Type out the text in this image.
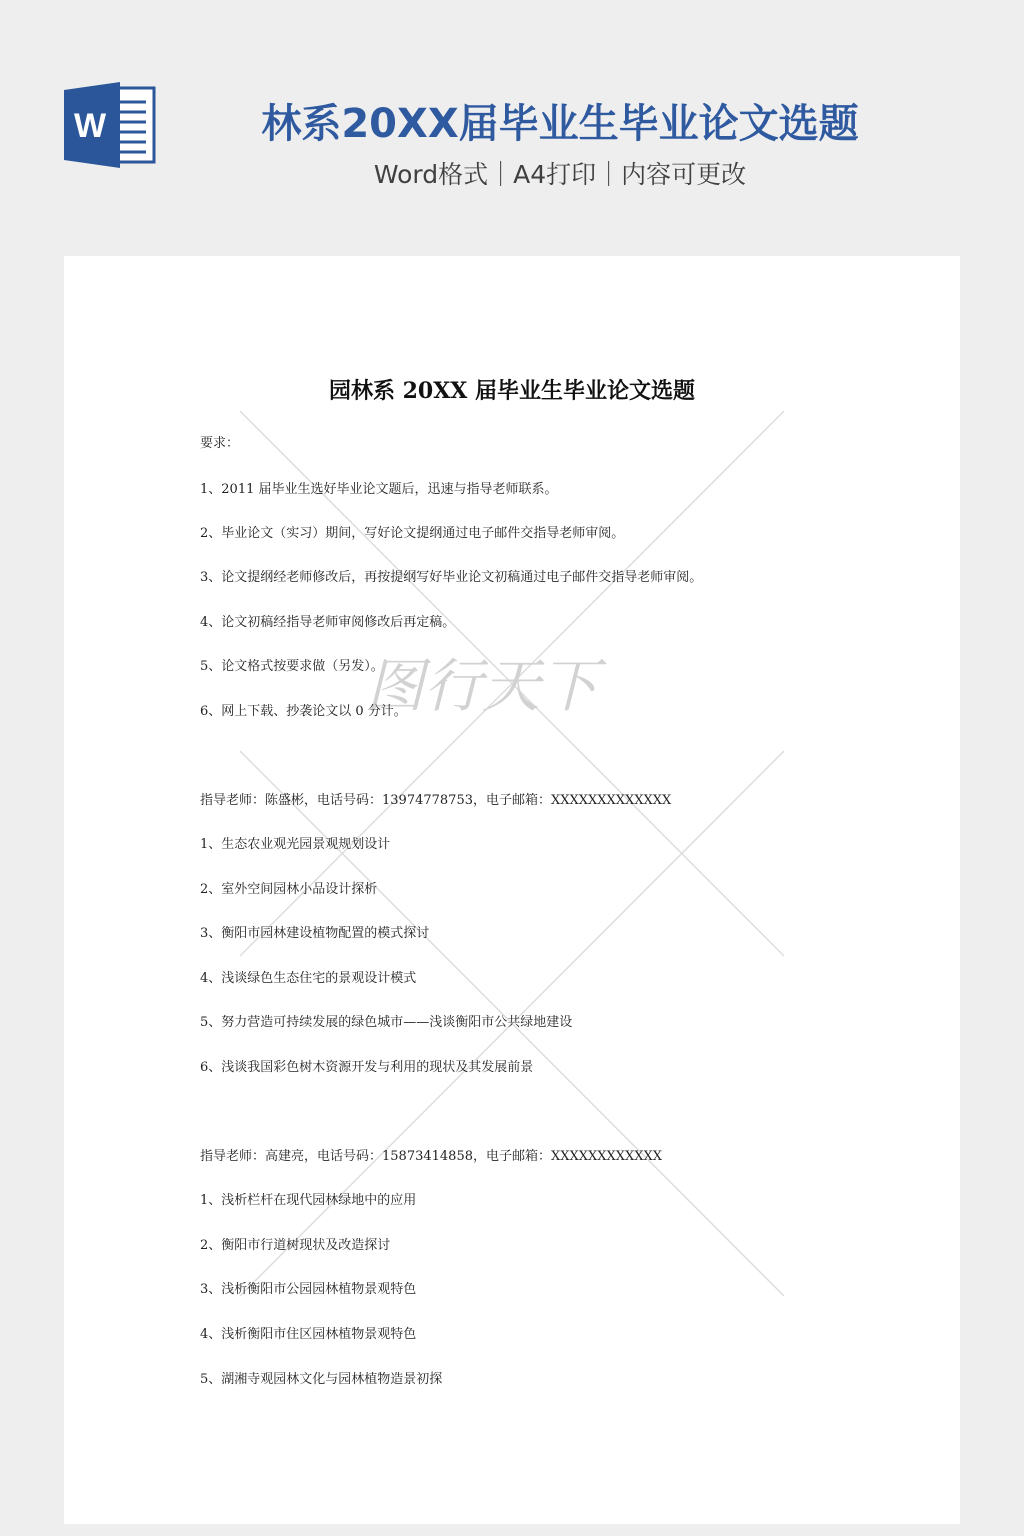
W	林系20XX届毕业生毕业论文选题
Word格式｜A4打印｜内容可更改
图行天下
园林系 20XX 届毕业生毕业论文选题
要求：
1、2011 届毕业生选好毕业论文题后，迅速与指导老师联系。
2、毕业论文（实习）期间，写好论文提纲通过电子邮件交指导老师审阅。
3、论文提纲经老师修改后，再按提纲写好毕业论文初稿通过电子邮件交指导老师审阅。
4、论文初稿经指导老师审阅修改后再定稿。
5、论文格式按要求做（另发）。
6、网上下载、抄袭论文以 0 分计。
指导老师：陈盛彬，电话号码：13974778753，电子邮箱：XXXXXXXXXXXXX
1、生态农业观光园景观规划设计
2、室外空间园林小品设计探析
3、衡阳市园林建设植物配置的模式探讨
4、浅谈绿色生态住宅的景观设计模式
5、努力营造可持续发展的绿色城市——浅谈衡阳市公共绿地建设
6、浅谈我国彩色树木资源开发与利用的现状及其发展前景
指导老师：高建亮，电话号码：15873414858，电子邮箱：XXXXXXXXXXXX
1、浅析栏杆在现代园林绿地中的应用
2、衡阳市行道树现状及改造探讨
3、浅析衡阳市公园园林植物景观特色
4、浅析衡阳市住区园林植物景观特色
5、湖湘寺观园林文化与园林植物造景初探
